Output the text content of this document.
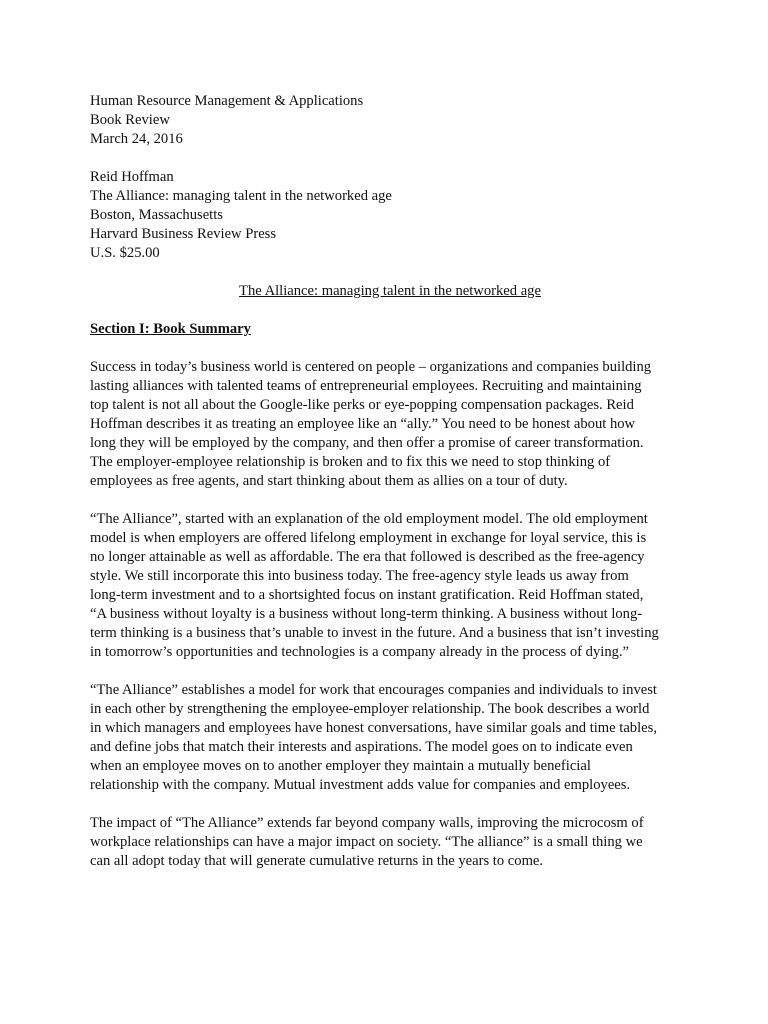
Human Resource Management & Applications
Book Review
March 24, 2016
Reid Hoffman
The Alliance: managing talent in the networked age
Boston, Massachusetts
Harvard Business Review Press
U.S. $25.00
The Alliance: managing talent in the networked age
Section I: Book Summary
Success in today’s business world is centered on people – organizations and companies building
lasting alliances with talented teams of entrepreneurial employees. Recruiting and maintaining
top talent is not all about the Google-like perks or eye-popping compensation packages. Reid
Hoffman describes it as treating an employee like an “ally.” You need to be honest about how
long they will be employed by the company, and then offer a promise of career transformation.
The employer-employee relationship is broken and to fix this we need to stop thinking of
employees as free agents, and start thinking about them as allies on a tour of duty.
“The Alliance”, started with an explanation of the old employment model. The old employment
model is when employers are offered lifelong employment in exchange for loyal service, this is
no longer attainable as well as affordable. The era that followed is described as the free-agency
style. We still incorporate this into business today. The free-agency style leads us away from
long-term investment and to a shortsighted focus on instant gratification. Reid Hoffman stated,
“A business without loyalty is a business without long-term thinking. A business without long-
term thinking is a business that’s unable to invest in the future. And a business that isn’t investing
in tomorrow’s opportunities and technologies is a company already in the process of dying.”
“The Alliance” establishes a model for work that encourages companies and individuals to invest
in each other by strengthening the employee-employer relationship. The book describes a world
in which managers and employees have honest conversations, have similar goals and time tables,
and define jobs that match their interests and aspirations. The model goes on to indicate even
when an employee moves on to another employer they maintain a mutually beneficial
relationship with the company. Mutual investment adds value for companies and employees.
The impact of “The Alliance” extends far beyond company walls, improving the microcosm of
workplace relationships can have a major impact on society. “The alliance” is a small thing we
can all adopt today that will generate cumulative returns in the years to come.
